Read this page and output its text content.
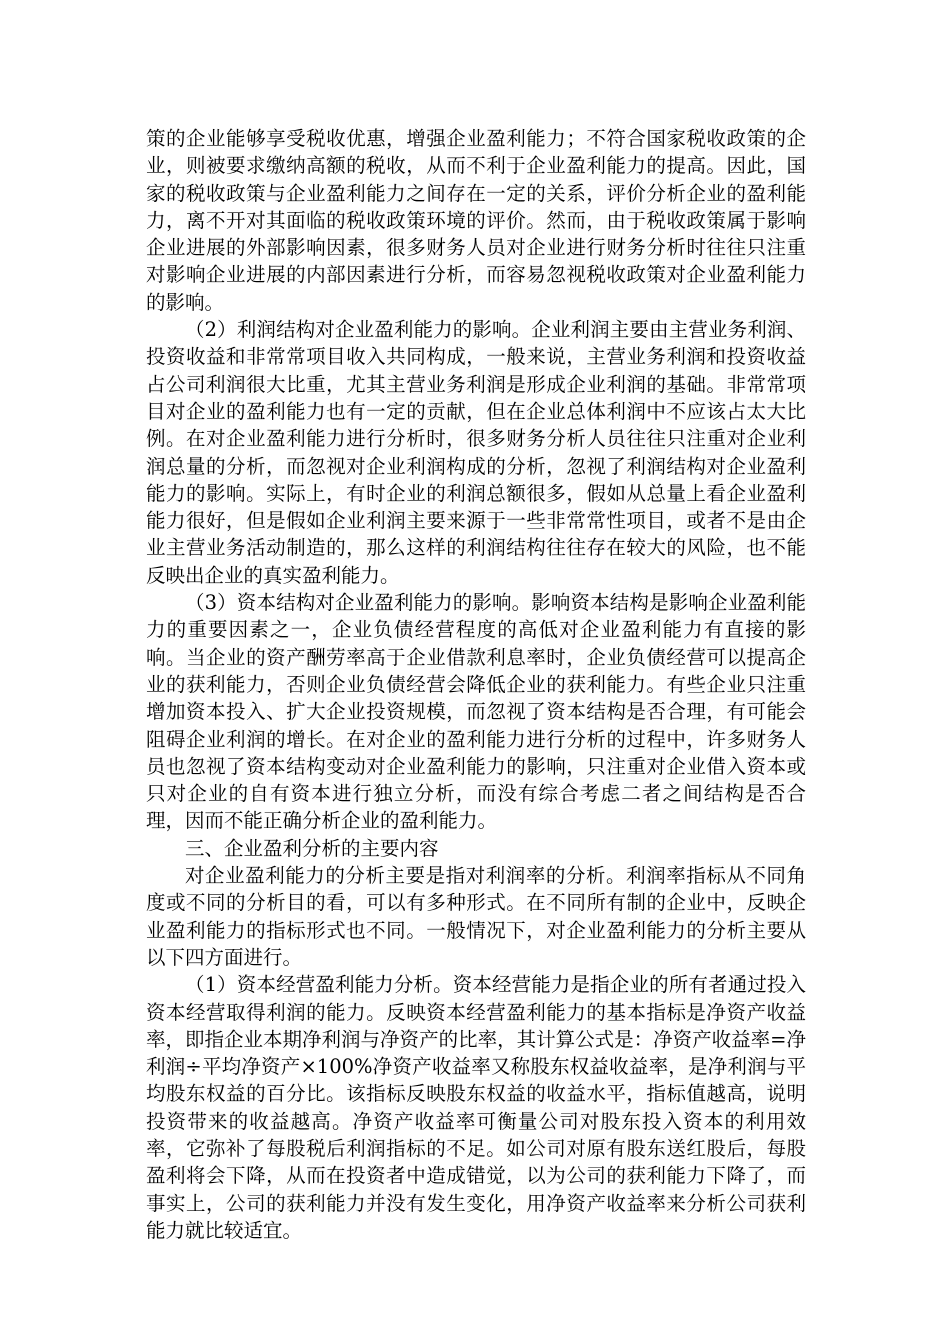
策的企业能够享受税收优惠，增强企业盈利能力；不符合国家税收政策的企业，则被要求缴纳高额的税收，从而不利于企业盈利能力的提高。因此，国家的税收政策与企业盈利能力之间存在一定的关系，评价分析企业的盈利能力，离不开对其面临的税收政策环境的评价。然而，由于税收政策属于影响企业进展的外部影响因素，很多财务人员对企业进行财务分析时往往只注重对影响企业进展的内部因素进行分析，而容易忽视税收政策对企业盈利能力的影响。

（2）利润结构对企业盈利能力的影响。企业利润主要由主营业务利润、投资收益和非常常项目收入共同构成，一般来说，主营业务利润和投资收益占公司利润很大比重，尤其主营业务利润是形成企业利润的基础。非常常项目对企业的盈利能力也有一定的贡献，但在企业总体利润中不应该占太大比例。在对企业盈利能力进行分析时，很多财务分析人员往往只注重对企业利润总量的分析，而忽视对企业利润构成的分析，忽视了利润结构对企业盈利能力的影响。实际上，有时企业的利润总额很多，假如从总量上看企业盈利能力很好，但是假如企业利润主要来源于一些非常常性项目，或者不是由企业主营业务活动制造的，那么这样的利润结构往往存在较大的风险，也不能反映出企业的真实盈利能力。

（3）资本结构对企业盈利能力的影响。影响资本结构是影响企业盈利能力的重要因素之一，企业负债经营程度的高低对企业盈利能力有直接的影响。当企业的资产酬劳率高于企业借款利息率时，企业负债经营可以提高企业的获利能力，否则企业负债经营会降低企业的获利能力。有些企业只注重增加资本投入、扩大企业投资规模，而忽视了资本结构是否合理，有可能会阻碍企业利润的增长。在对企业的盈利能力进行分析的过程中，许多财务人员也忽视了资本结构变动对企业盈利能力的影响，只注重对企业借入资本或只对企业的自有资本进行独立分析，而没有综合考虑二者之间结构是否合理，因而不能正确分析企业的盈利能力。

三、企业盈利分析的主要内容

对企业盈利能力的分析主要是指对利润率的分析。利润率指标从不同角度或不同的分析目的看，可以有多种形式。在不同所有制的企业中，反映企业盈利能力的指标形式也不同。一般情况下，对企业盈利能力的分析主要从以下四方面进行。

（1）资本经营盈利能力分析。资本经营能力是指企业的所有者通过投入资本经营取得利润的能力。反映资本经营盈利能力的基本指标是净资产收益率，即指企业本期净利润与净资产的比率，其计算公式是：净资产收益率=净利润÷平均净资产×100%净资产收益率又称股东权益收益率，是净利润与平均股东权益的百分比。该指标反映股东权益的收益水平，指标值越高，说明投资带来的收益越高。净资产收益率可衡量公司对股东投入资本的利用效率，它弥补了每股税后利润指标的不足。如公司对原有股东送红股后，每股盈利将会下降，从而在投资者中造成错觉，以为公司的获利能力下降了，而事实上，公司的获利能力并没有发生变化，用净资产收益率来分析公司获利能力就比较适宜。
